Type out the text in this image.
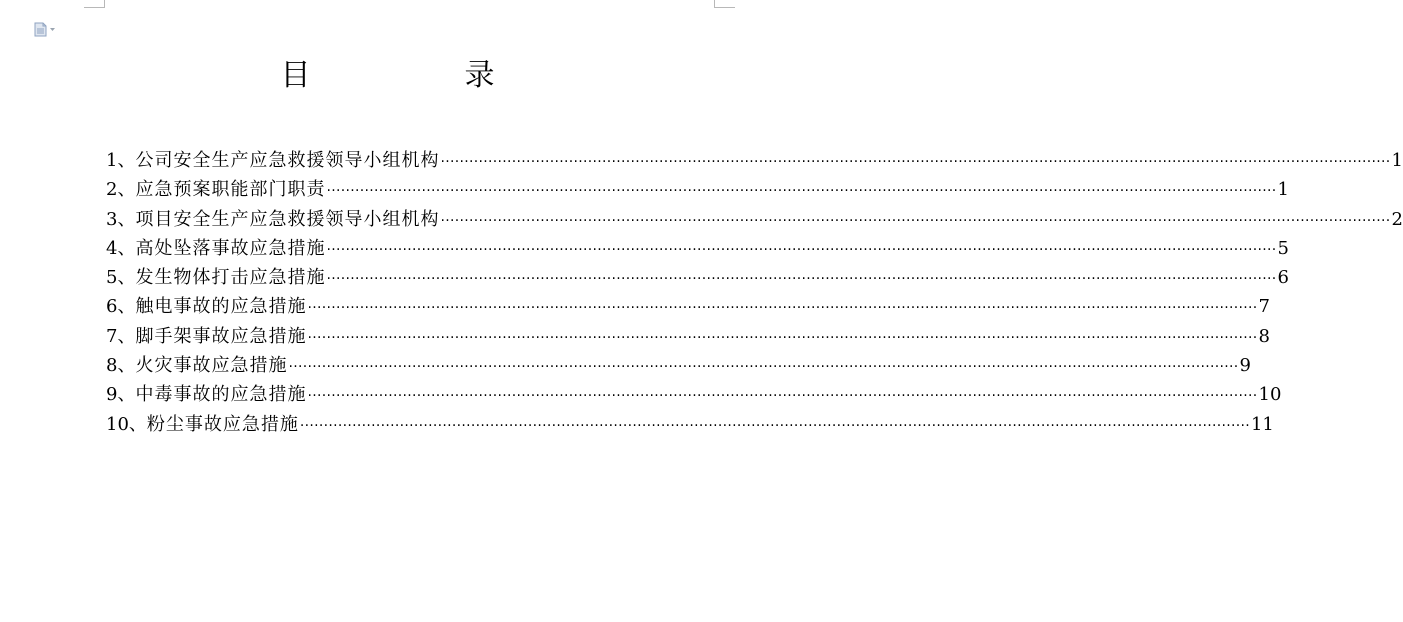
目　录
1、 公司安全生产应急救援领导小组机构 ········································································································································································································ 1
2、 应急预案职能部门职责 ········································································································································································································ 1
3、 项目安全生产应急救援领导小组机构 ········································································································································································································ 2
4、 高处坠落事故应急措施 ········································································································································································································ 5
5、 发生物体打击应急措施 ········································································································································································································ 6
6、 触电事故的应急措施 ········································································································································································································ 7
7、 脚手架事故应急措施 ········································································································································································································ 8
8、 火灾事故应急措施 ········································································································································································································ 9
9、 中毒事故的应急措施 ········································································································································································································ 10
10、 粉尘事故应急措施 ········································································································································································································ 11
